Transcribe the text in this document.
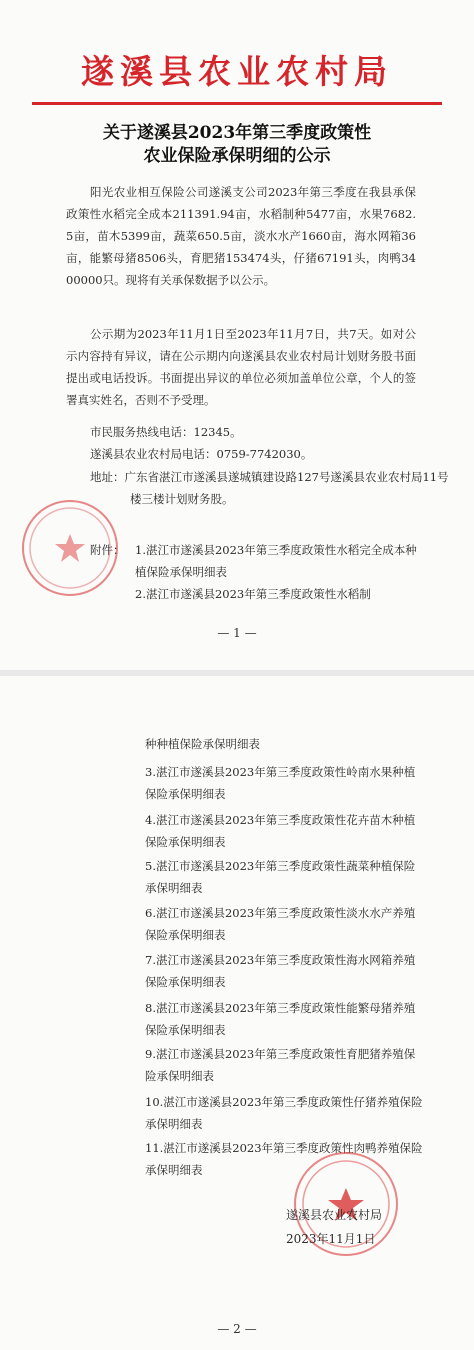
遂溪县农业农村局
关于遂溪县2023年第三季度政策性
农业保险承保明细的公示
阳光农业相互保险公司遂溪支公司2023年第三季度在我县承保政策性水稻完全成本211391.94亩，水稻制种5477亩，水果7682.5亩，苗木5399亩，蔬菜650.5亩，淡水水产1660亩，海水网箱36亩，能繁母猪8506头，育肥猪153474头，仔猪67191头，肉鸭3400000只。现将有关承保数据予以公示。
公示期为2023年11月1日至2023年11月7日，共7天。如对公示内容持有异议，请在公示期内向遂溪县农业农村局计划财务股书面提出或电话投诉。书面提出异议的单位必须加盖单位公章，个人的签署真实姓名，否则不予受理。
市民服务热线电话：12345。
遂溪县农业农村局电话：0759-7742030。
地址：广东省湛江市遂溪县遂城镇建设路127号遂溪县农业农村局11号楼三楼计划财务股。
附件： 1.湛江市遂溪县2023年第三季度政策性水稻完全成本种植保险承保明细表
2.湛江市遂溪县2023年第三季度政策性水稻制
— 1 —
种种植保险承保明细表
3.湛江市遂溪县2023年第三季度政策性岭南水果种植保险承保明细表
4.湛江市遂溪县2023年第三季度政策性花卉苗木种植保险承保明细表
5.湛江市遂溪县2023年第三季度政策性蔬菜种植保险承保明细表
6.湛江市遂溪县2023年第三季度政策性淡水水产养殖保险承保明细表
7.湛江市遂溪县2023年第三季度政策性海水网箱养殖保险承保明细表
8.湛江市遂溪县2023年第三季度政策性能繁母猪养殖保险承保明细表
9.湛江市遂溪县2023年第三季度政策性育肥猪养殖保险承保明细表
10.湛江市遂溪县2023年第三季度政策性仔猪养殖保险承保明细表
11.湛江市遂溪县2023年第三季度政策性肉鸭养殖保险承保明细表
遂溪县农业农村局
2023年11月1日
— 2 —
